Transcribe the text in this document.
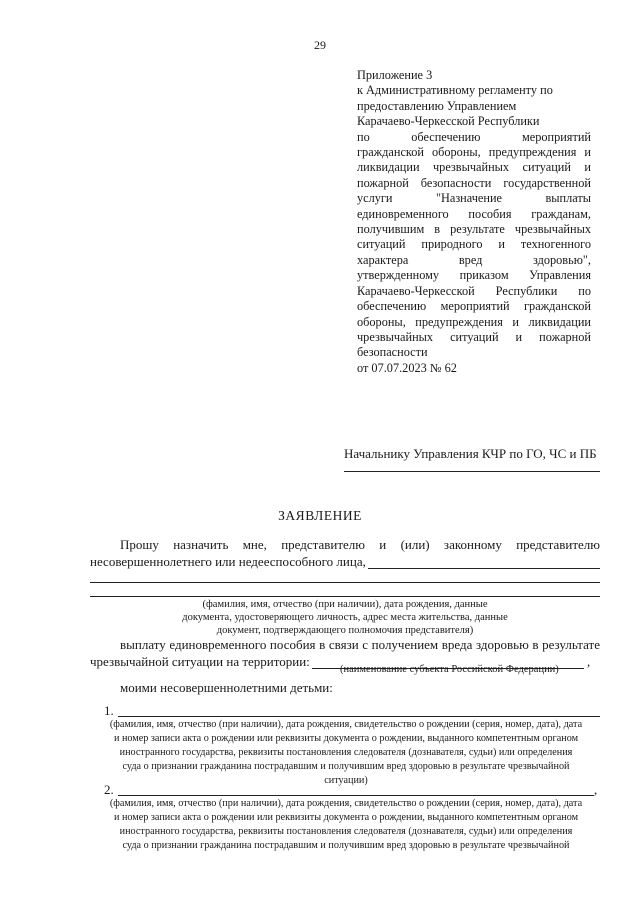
29
Приложение 3
к Административному регламенту по
предоставлению Управлением
Карачаево-Черкесской Республики
по обеспечению мероприятий
гражданской обороны, предупреждения и
ликвидации чрезвычайных ситуаций и
пожарной безопасности государственной
услуги "Назначение выплаты
единовременного пособия гражданам,
получившим в результате чрезвычайных
ситуаций природного и техногенного
характера вред здоровью",
утвержденному приказом Управления
Карачаево-Черкесской Республики по
обеспечению мероприятий гражданской
обороны, предупреждения и ликвидации
чрезвычайных ситуаций и пожарной
безопасности
от 07.07.2023 № 62
Начальнику Управления КЧР по ГО, ЧС и ПБ
ЗАЯВЛЕНИЕ
Прошу назначить мне, представителю и (или) законному представителю
несовершеннолетнего или недееспособного лица,
(фамилия, имя, отчество (при наличии), дата рождения, данные
документа, удостоверяющего личность, адрес места жительства, данные
документ, подтверждающего полномочия представителя)
выплату единовременного пособия в связи с получением вреда здоровью в результате
чрезвычайной ситуации на территории:	,
(наименование субъекта Российской Федерации)
моими несовершеннолетними детьми:
1.
(фамилия, имя, отчество (при наличии), дата рождения, свидетельство о рождении (серия, номер, дата), дата
и номер записи акта о рождении или реквизиты документа о рождении, выданного компетентным органом
иностранного государства, реквизиты постановления следователя (дознавателя, судьи) или определения
суда о признании гражданина пострадавшим и получившим вред здоровью в результате чрезвычайной
ситуации)
2.	,
(фамилия, имя, отчество (при наличии), дата рождения, свидетельство о рождении (серия, номер, дата), дата
и номер записи акта о рождении или реквизиты документа о рождении, выданного компетентным органом
иностранного государства, реквизиты постановления следователя (дознавателя, судьи) или определения
суда о признании гражданина пострадавшим и получившим вред здоровью в результате чрезвычайной
